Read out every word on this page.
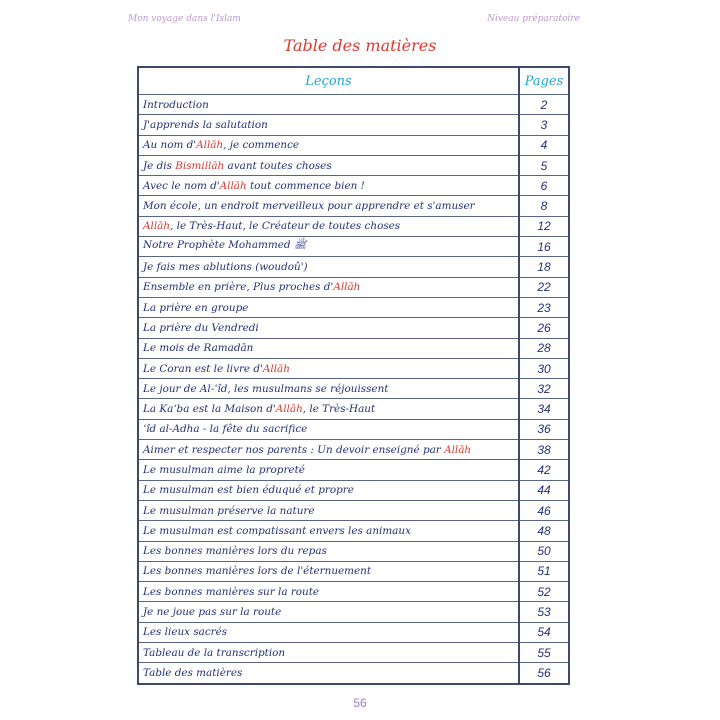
Mon voyage dans l'Islam	Niveau préparatoire
Table des matières
Leçons	Pages
Introduction	2
J'apprends la salutation	3
Au nom d'Allāh, je commence	4
Je dis Bismillāh avant toutes choses	5
Avec le nom d'Allāh tout commence bien !	6
Mon école, un endroit merveilleux pour apprendre et s'amuser	8
Allāh, le Très-Haut, le Créateur de toutes choses	12
Notre Prophète Mohammed ﷺ	16
Je fais mes ablutions (woudoû')	18
Ensemble en prière, Plus proches d'Allāh	22
La prière en groupe	23
La prière du Vendredi	26
Le mois de Ramadān	28
Le Coran est le livre d'Allāh	30
Le jour de Al-ʿîd, les musulmans se réjouissent	32
La Kaʿba est la Maison d'Allāh, le Très-Haut	34
ʿîd al-Adha - la fête du sacrifice	36
Aimer et respecter nos parents : Un devoir enseigné par Allāh	38
Le musulman aime la propreté	42
Le musulman est bien éduqué et propre	44
Le musulman préserve la nature	46
Le musulman est compatissant envers les animaux	48
Les bonnes manières lors du repas	50
Les bonnes manières lors de l'éternuement	51
Les bonnes manières sur la route	52
Je ne joue pas sur la route	53
Les lieux sacrés	54
Tableau de la transcription	55
Table des matières	56
56
